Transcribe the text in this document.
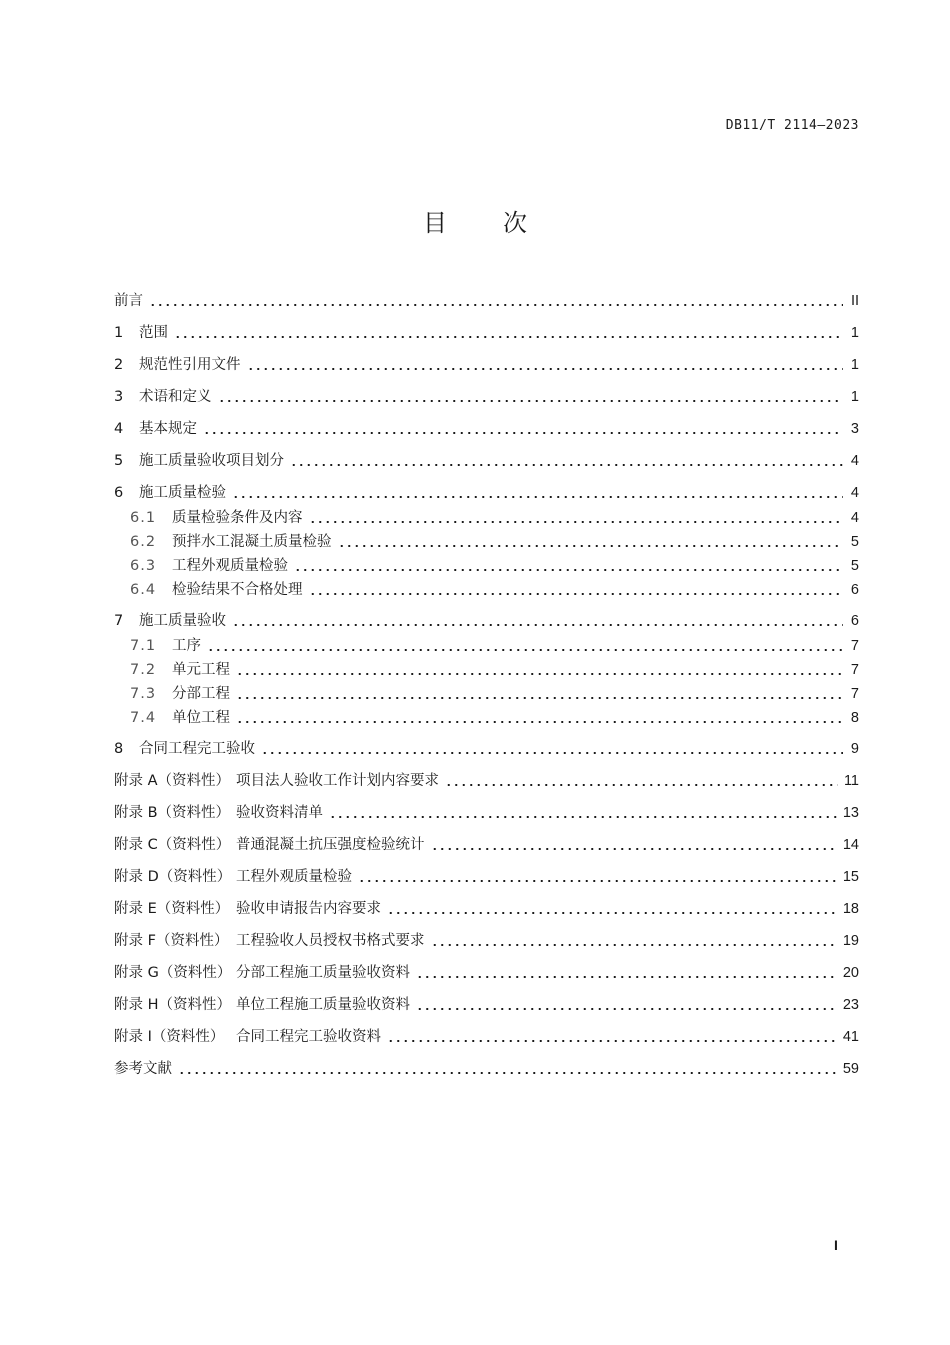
DB11/T 2114—2023
目次
前言	II
1	范围	1
2	规范性引用文件	1
3	术语和定义	1
4	基本规定	3
5	施工质量验收项目划分	4
6	施工质量检验	4
6.1	质量检验条件及内容	4
6.2	预拌水工混凝土质量检验	5
6.3	工程外观质量检验	5
6.4	检验结果不合格处理	6
7	施工质量验收	6
7.1	工序	7
7.2	单元工程	7
7.3	分部工程	7
7.4	单位工程	8
8	合同工程完工验收	9
附录 A（资料性） 项目法人验收工作计划内容要求	11
附录 B（资料性） 验收资料清单	13
附录 C（资料性） 普通混凝土抗压强度检验统计	14
附录 D（资料性） 工程外观质量检验	15
附录 E（资料性） 验收申请报告内容要求	18
附录 F（资料性） 工程验收人员授权书格式要求	19
附录 G（资料性） 分部工程施工质量验收资料	20
附录 H（资料性） 单位工程施工质量验收资料	23
附录 I（资料性） 合同工程完工验收资料	41
参考文献	59
I
